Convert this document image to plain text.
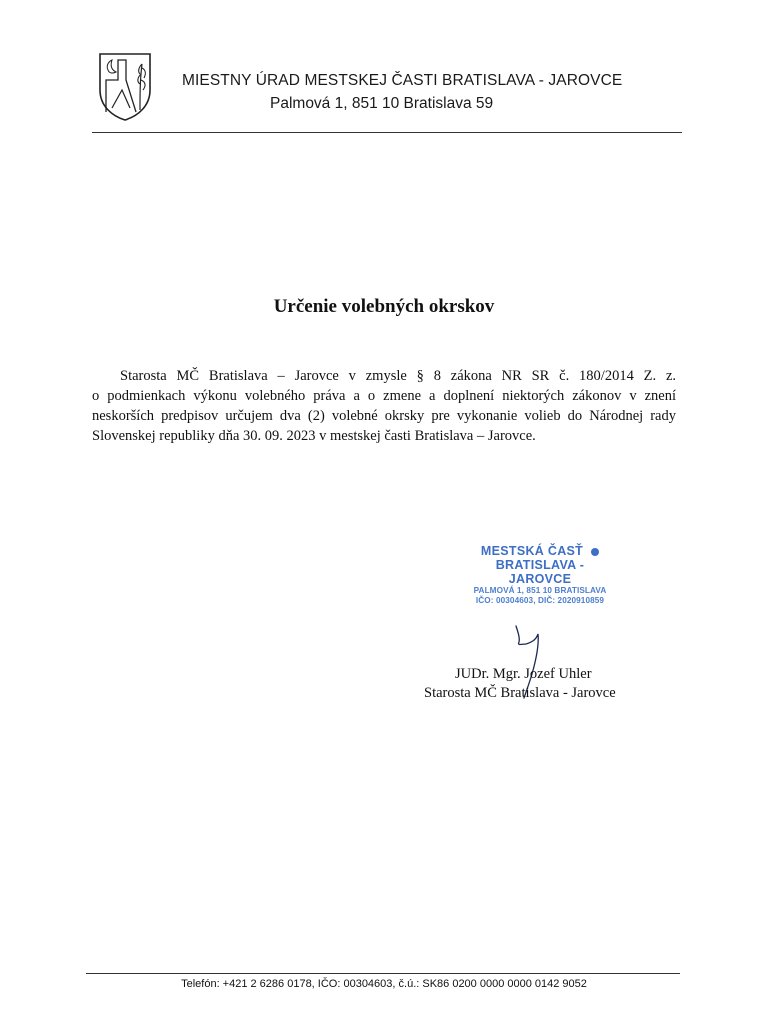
MIESTNY ÚRAD MESTSKEJ ČASTI BRATISLAVA - JAROVCE
Palmová 1, 851 10 Bratislava 59
Určenie volebných okrskov
Starosta MČ Bratislava – Jarovce v zmysle § 8 zákona NR SR č. 180/2014 Z. z.
o podmienkach výkonu volebného práva a o zmene a doplnení niektorých zákonov v znení
neskorších predpisov určujem dva (2) volebné okrsky pre vykonanie volieb do Národnej rady
Slovenskej republiky dňa 30. 09. 2023 v mestskej časti Bratislava – Jarovce.
MESTSKÁ ČASŤ
BRATISLAVA - JAROVCE
PALMOVÁ 1, 851 10 BRATISLAVA
IČO: 00304603, DIČ: 2020910859
JUDr. Mgr. Jozef Uhler
Starosta MČ Bratislava - Jarovce
Telefón: +421 2 6286 0178, IČO: 00304603, č.ú.: SK86 0200 0000 0000 0142 9052
